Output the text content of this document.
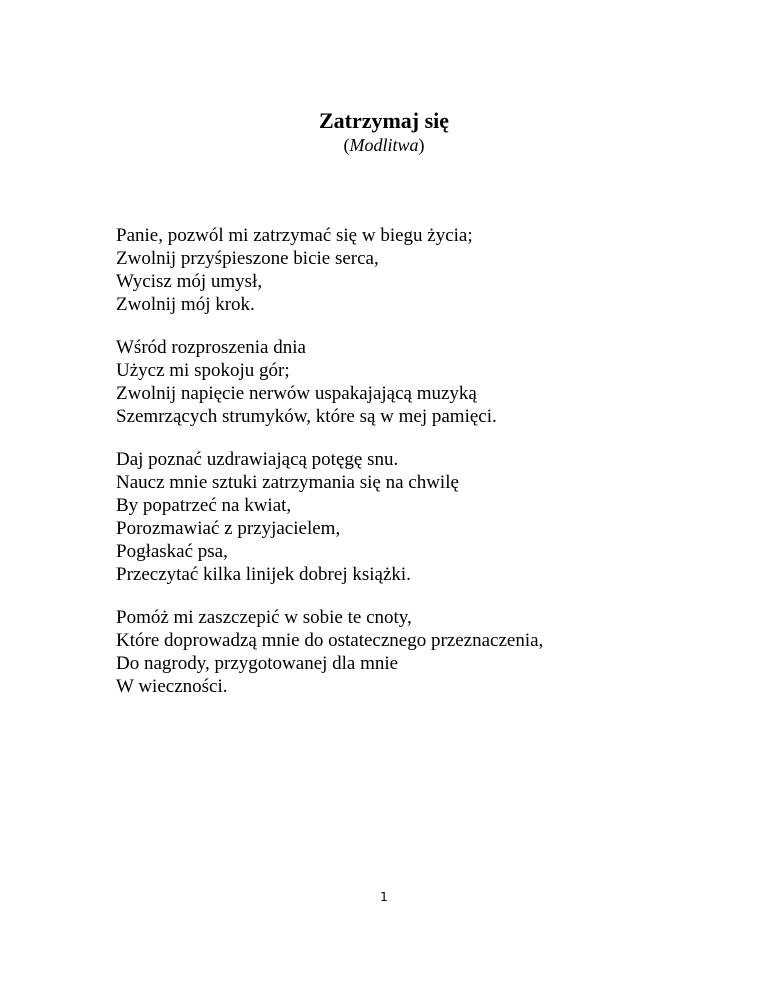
Zatrzymaj się
(Modlitwa)
Panie, pozwól mi zatrzymać się w biegu życia;
Zwolnij przyśpieszone bicie serca,
Wycisz mój umysł,
Zwolnij mój krok.
Wśród rozproszenia dnia
Użycz mi spokoju gór;
Zwolnij napięcie nerwów uspakajającą muzyką
Szemrzących strumyków, które są w mej pamięci.
Daj poznać uzdrawiającą potęgę snu.
Naucz mnie sztuki zatrzymania się na chwilę
By popatrzeć na kwiat,
Porozmawiać z przyjacielem,
Pogłaskać psa,
Przeczytać kilka linijek dobrej książki.
Pomóż mi zaszczepić w sobie te cnoty,
Które doprowadzą mnie do ostatecznego przeznaczenia,
Do nagrody, przygotowanej dla mnie
W wieczności.
1
